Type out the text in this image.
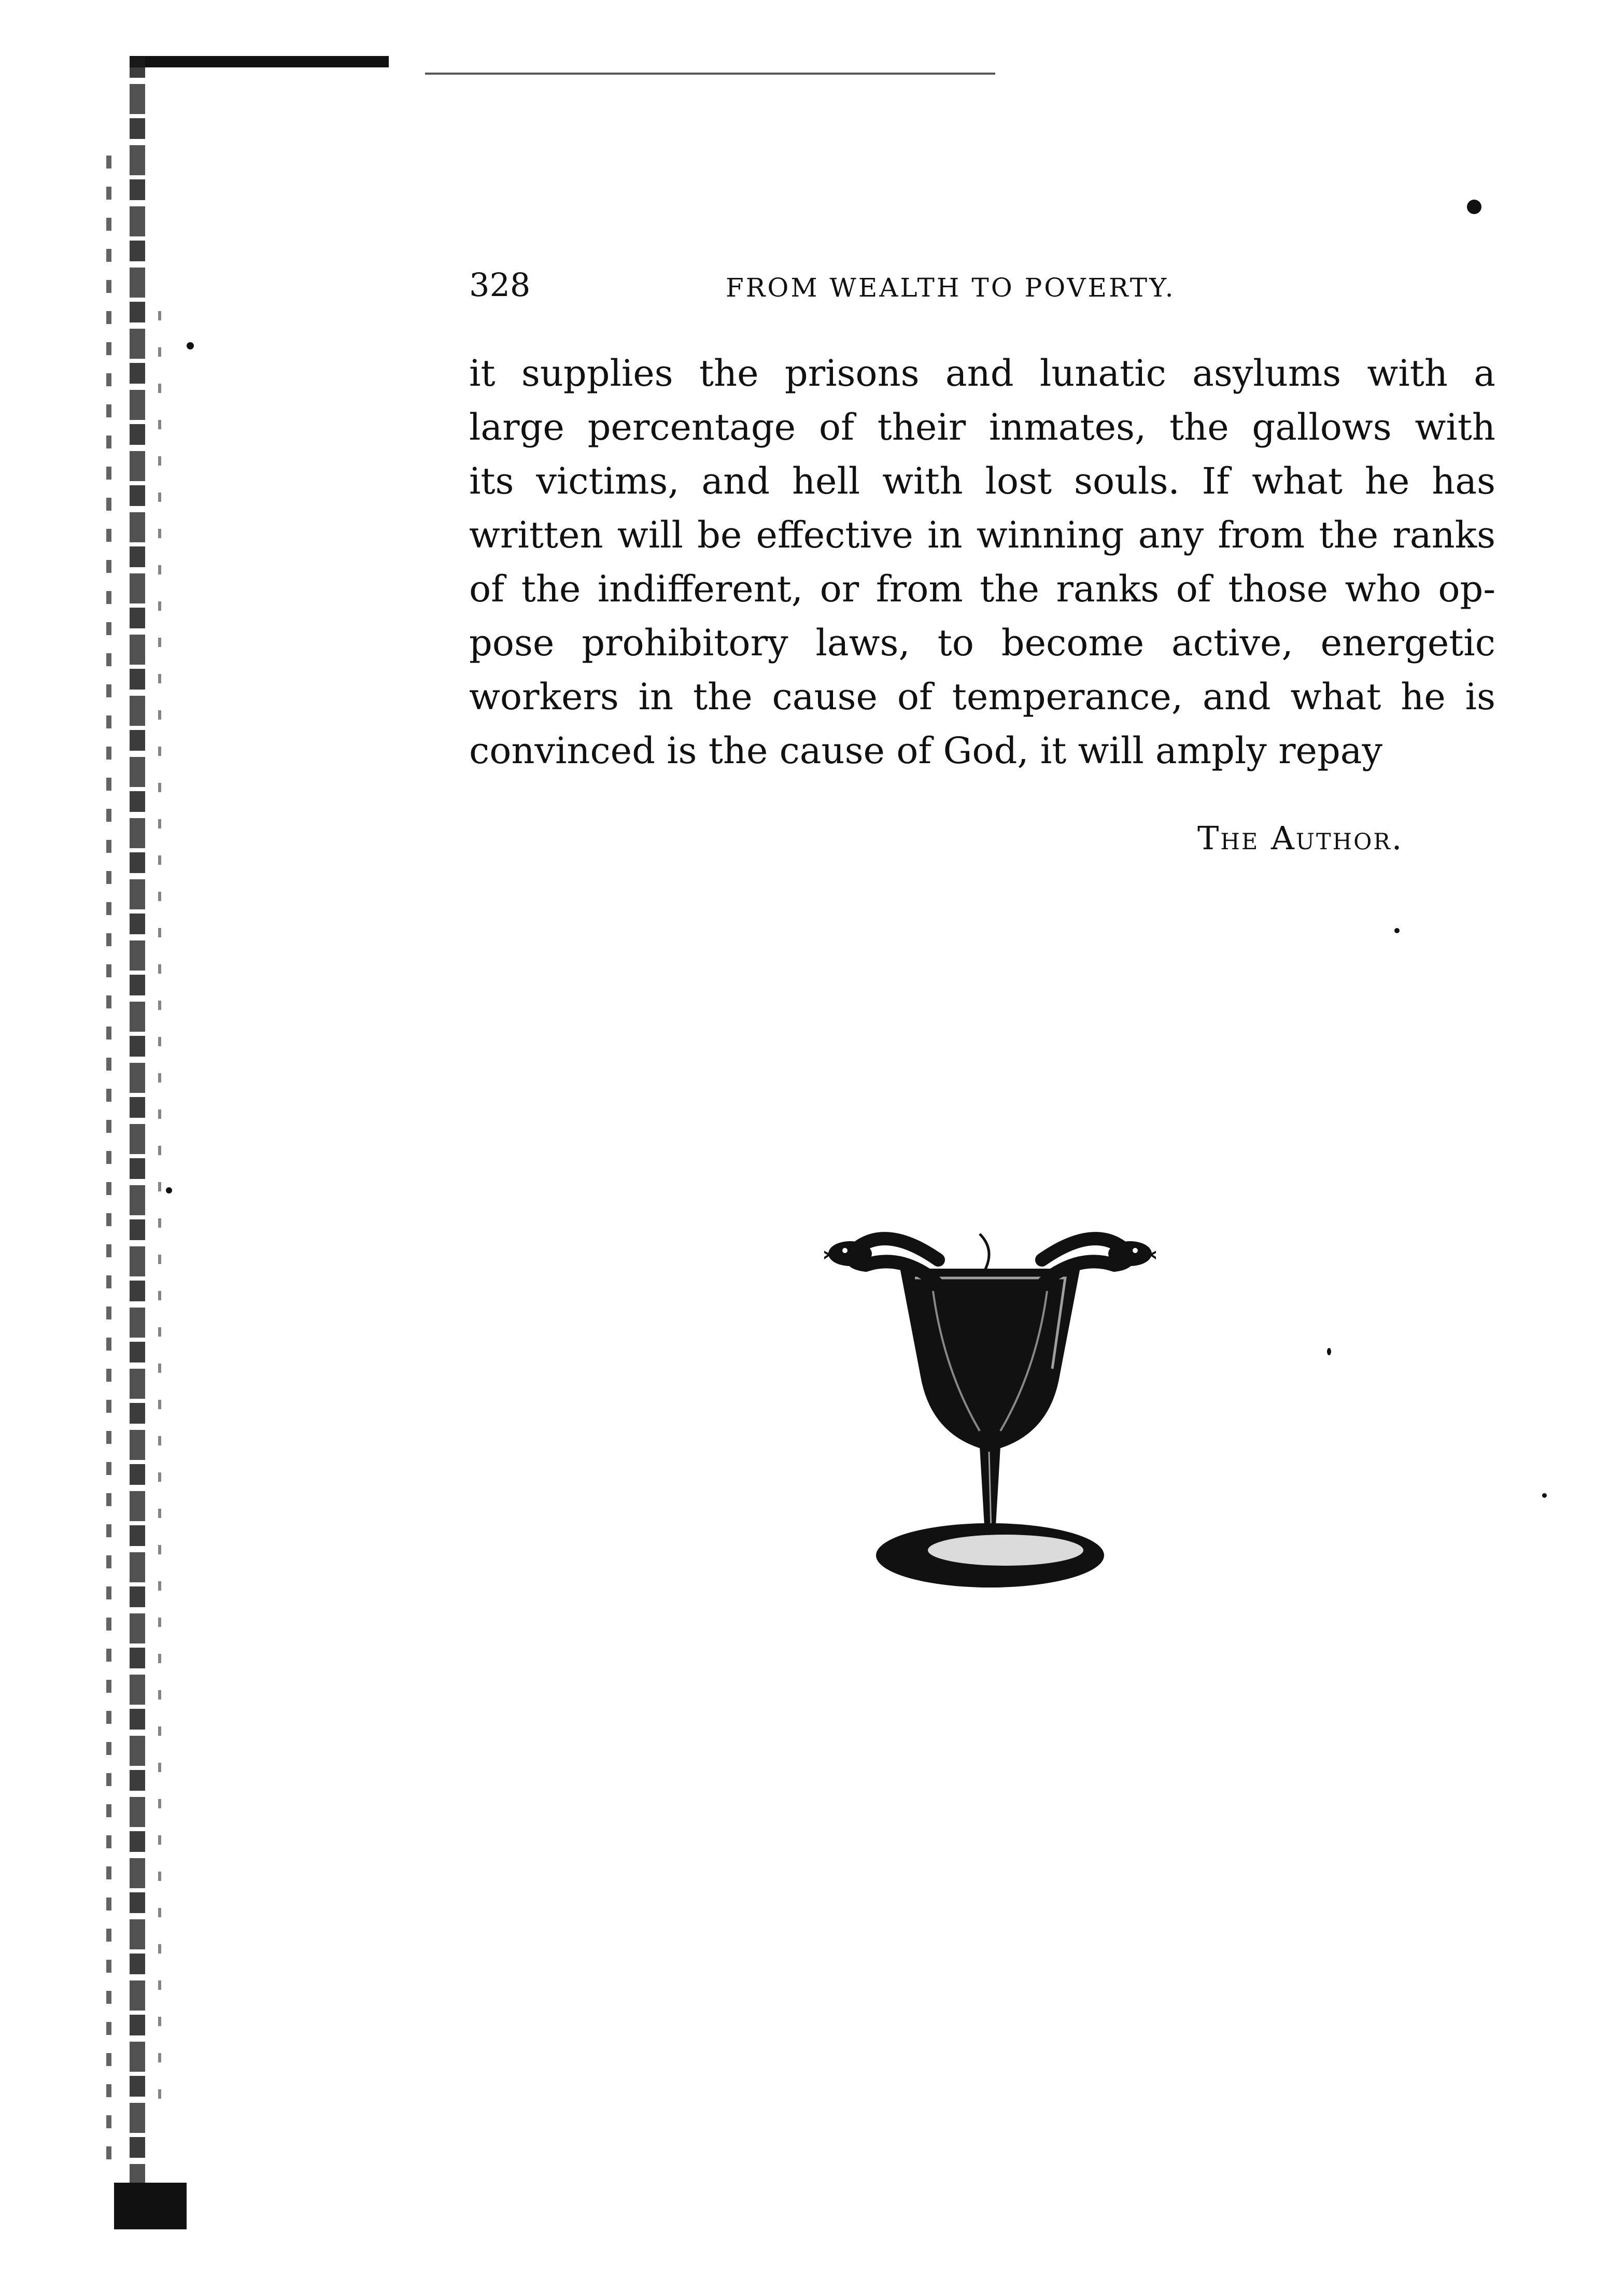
328	FROM WEALTH TO POVERTY.
it supplies the prisons and lunatic asylums with a
large percentage of their inmates, the gallows with
its victims, and hell with lost souls. If what he has
written will be effective in winning any from the ranks
of the indifferent, or from the ranks of those who op-
pose prohibitory laws, to become active, energetic
workers in the cause of temperance, and what he is
convinced is the cause of God, it will amply repay
The Author.
